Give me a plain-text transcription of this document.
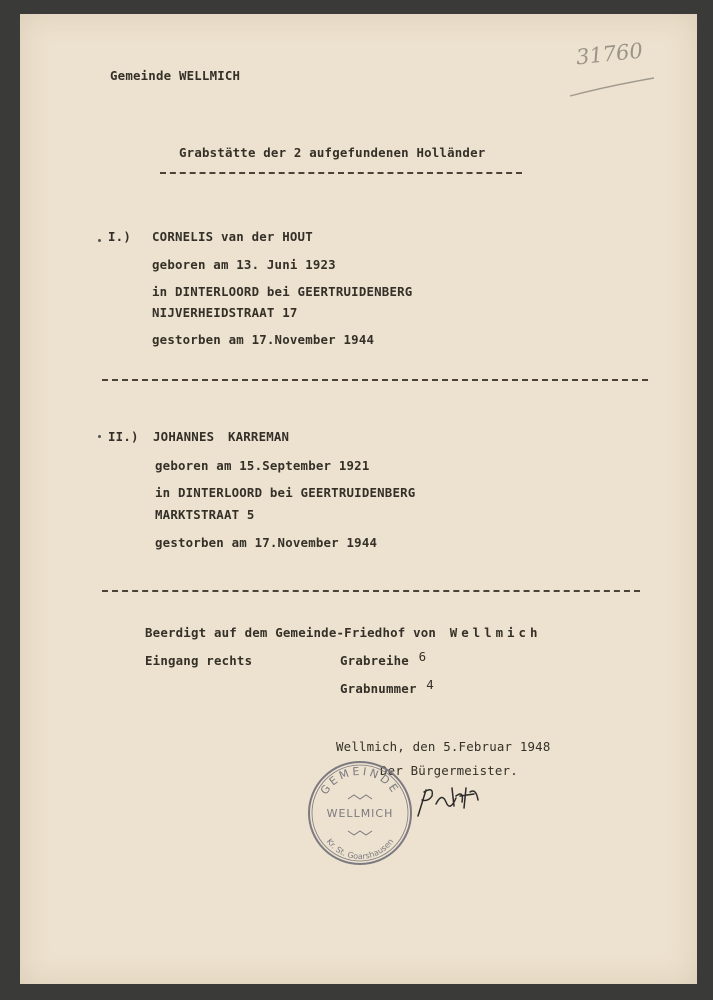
31760
Gemeinde WELLMICH
Grabstätte der 2 aufgefundenen Holländer
I.) CORNELIS van der HOUT
geboren am 13. Juni 1923
in DINTERLOORD bei GEERTRUIDENBERG
NIJVERHEIDSTRAAT 17
gestorben am 17.November 1944
II.) JOHANNES KARREMAN
geboren am 15.September 1921
in DINTERLOORD bei GEERTRUIDENBERG
MARKTSTRAAT 5
gestorben am 17.November 1944
Beerdigt auf dem Gemeinde-Friedhof von Wellmich
Eingang rechts	Grabreihe 6
Grabnummer 4
Wellmich, den 5.Februar 1948
Der Bürgermeister.
GEMEINDE
WELLMICH
Kr. St. Goarshausen
